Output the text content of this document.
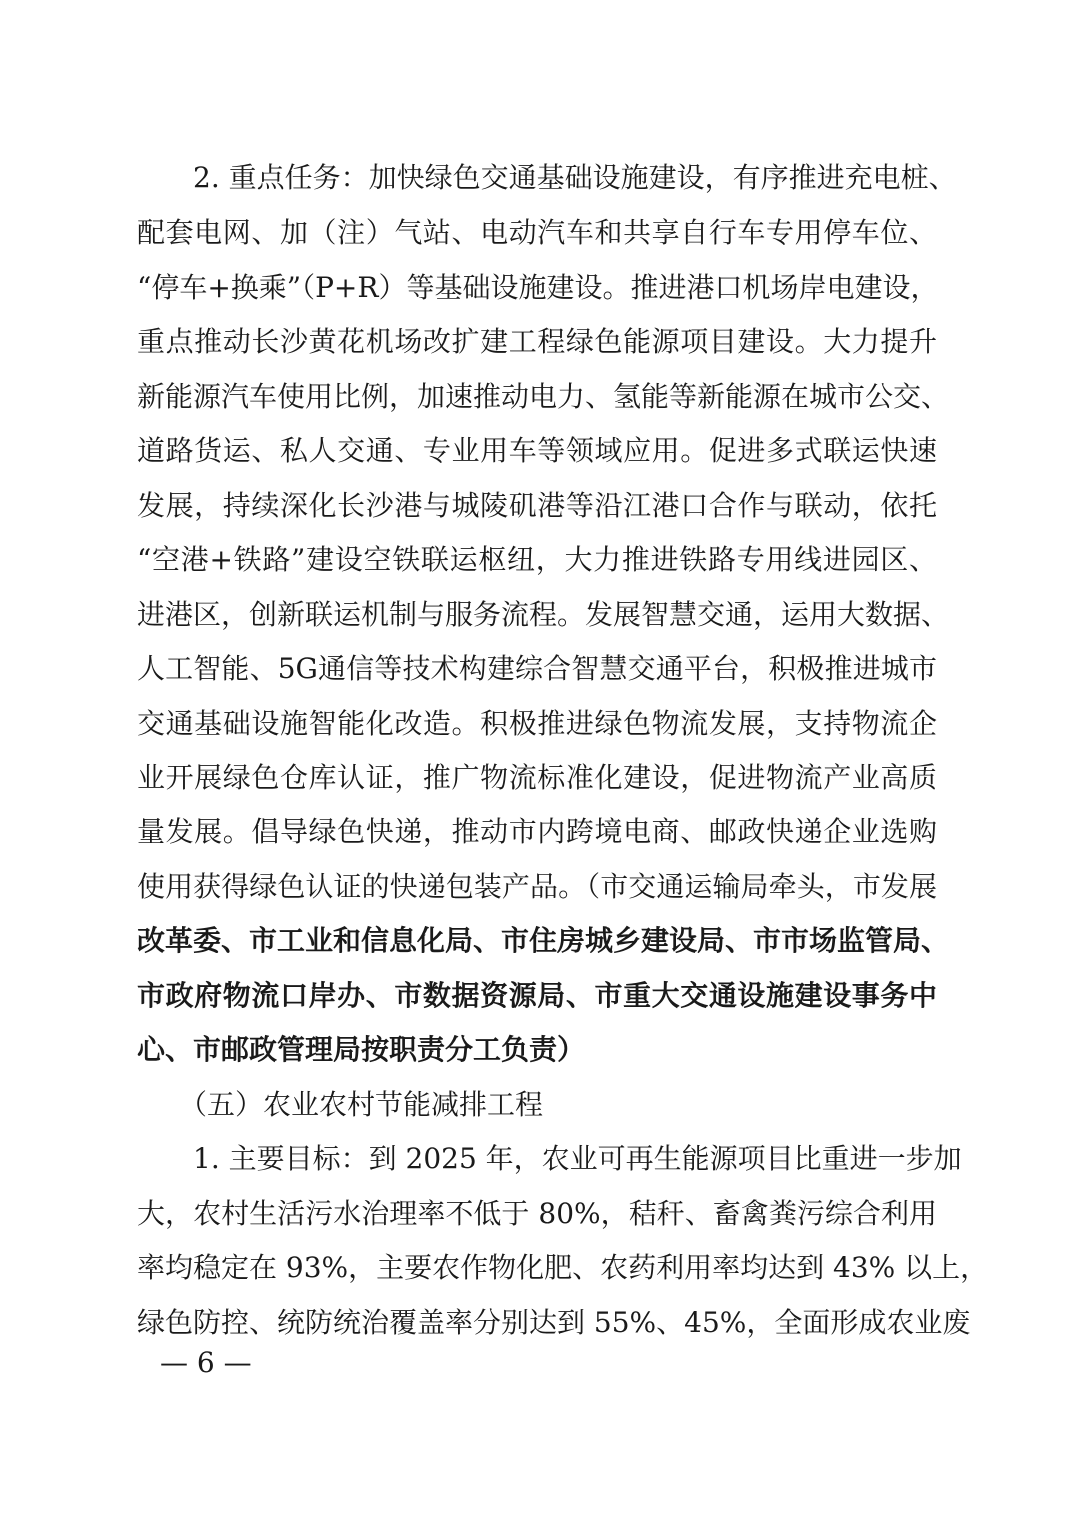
　　2. 重点任务：加快绿色交通基础设施建设，有序推进充电桩、
配套电网、加（注）气站、电动汽车和共享自行车专用停车位、
“停车+换乘”（P+R）等基础设施建设。推进港口机场岸电建设，
重点推动长沙黄花机场改扩建工程绿色能源项目建设。大力提升
新能源汽车使用比例，加速推动电力、氢能等新能源在城市公交、
道路货运、私人交通、专业用车等领域应用。促进多式联运快速
发展，持续深化长沙港与城陵矶港等沿江港口合作与联动，依托
“空港+铁路”建设空铁联运枢纽，大力推进铁路专用线进园区、
进港区，创新联运机制与服务流程。发展智慧交通，运用大数据、
人工智能、5G通信等技术构建综合智慧交通平台，积极推进城市
交通基础设施智能化改造。积极推进绿色物流发展，支持物流企
业开展绿色仓库认证，推广物流标准化建设，促进物流产业高质
量发展。倡导绿色快递，推动市内跨境电商、邮政快递企业选购
使用获得绿色认证的快递包装产品。（市交通运输局牵头，市发展
改革委、市工业和信息化局、市住房城乡建设局、市市场监管局、
市政府物流口岸办、市数据资源局、市重大交通设施建设事务中
心、市邮政管理局按职责分工负责）
　　（五）农业农村节能减排工程
　　1. 主要目标：到 2025 年，农业可再生能源项目比重进一步加
大，农村生活污水治理率不低于 80%，秸秆、畜禽粪污综合利用
率均稳定在 93%，主要农作物化肥、农药利用率均达到 43% 以上，
绿色防控、统防统治覆盖率分别达到 55%、45%，全面形成农业废
— 6 —
